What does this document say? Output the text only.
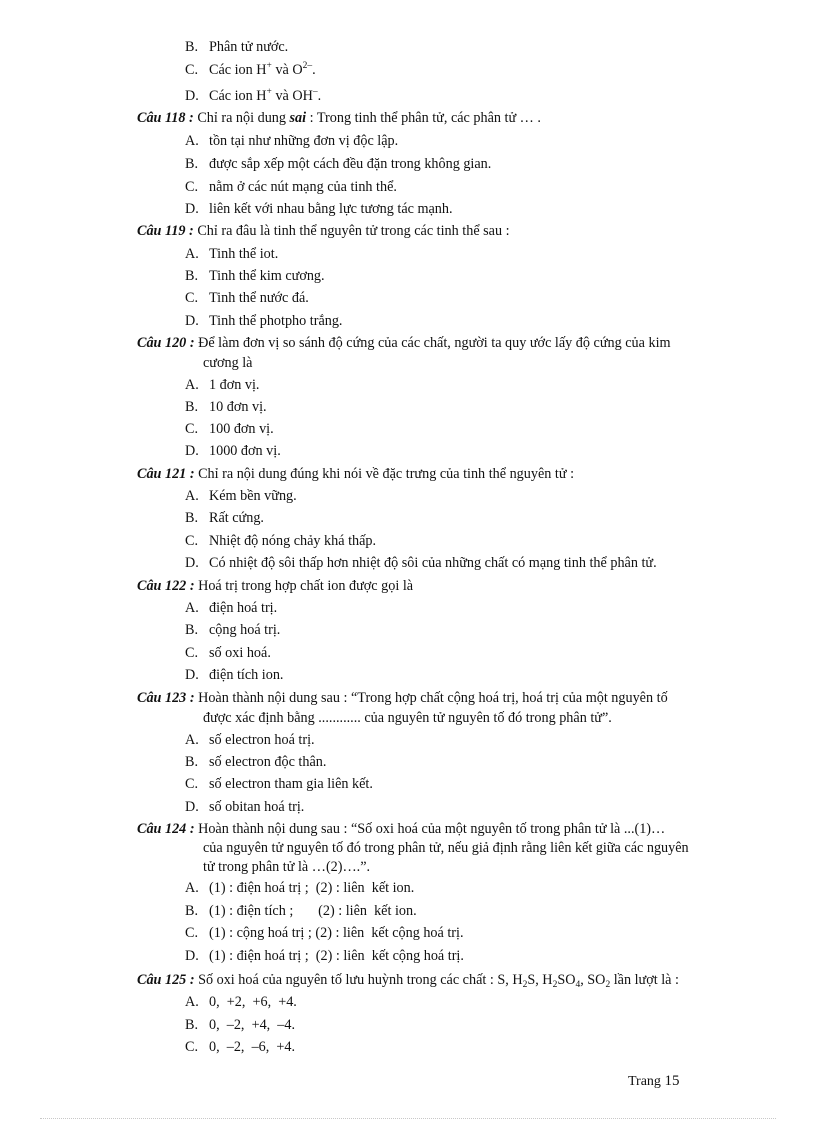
B. Phân tử nước.
C. Các ion H+ và $O^{2-}$.
D. Các ion H+ và OH–.
Câu 118 : Chỉ ra nội dung sai : Trong tinh thể phân tử, các phân tử … .
A. tồn tại như những đơn vị độc lập.
B. được sắp xếp một cách đều đặn trong không gian.
C. nằm ở các nút mạng của tinh thể.
D. liên kết với nhau bằng lực tương tác mạnh.
Câu 119 : Chỉ ra đâu là tinh thể nguyên tử trong các tinh thể sau :
A. Tinh thể iot.
B. Tinh thể kim cương.
C. Tinh thể nước đá.
D. Tinh thể photpho trắng.
Câu 120 : Để làm đơn vị so sánh độ cứng của các chất, người ta quy ước lấy độ cứng của kim
cương là
A. 1 đơn vị.
B. 10 đơn vị.
C. 100 đơn vị.
D. 1000 đơn vị.
Câu 121 : Chỉ ra nội dung đúng khi nói về đặc trưng của tinh thể nguyên tử :
A. Kém bền vững.
B. Rất cứng.
C. Nhiệt độ nóng chảy khá thấp.
D. Có nhiệt độ sôi thấp hơn nhiệt độ sôi của những chất có mạng tinh thể phân tử.
Câu 122 : Hoá trị trong hợp chất ion được gọi là
A. điện hoá trị.
B. cộng hoá trị.
C. số oxi hoá.
D. điện tích ion.
Câu 123 : Hoàn thành nội dung sau : “Trong hợp chất cộng hoá trị, hoá trị của một nguyên tố
được xác định bằng ............ của nguyên tử nguyên tố đó trong phân tử”.
A. số electron hoá trị.
B. số electron độc thân.
C. số electron tham gia liên kết.
D. số obitan hoá trị.
Câu 124 : Hoàn thành nội dung sau : “Số oxi hoá của một nguyên tố trong phân tử là ...(1)…
của nguyên tử nguyên tố đó trong phân tử, nếu giả định rằng liên kết giữa các nguyên
tử trong phân tử là …(2)….”.
A. (1) : điện hoá trị ;  (2) : liên  kết ion.
B. (1) : điện tích ;       (2) : liên  kết ion.
C. (1) : cộng hoá trị ; (2) : liên  kết cộng hoá trị.
D. (1) : điện hoá trị ;  (2) : liên  kết cộng hoá trị.
Câu 125 : Số oxi hoá của nguyên tố lưu huỳnh trong các chất : S, $H_2S$, $H_2SO_4$, $SO_2$ lần lượt là :
A. 0,  +2,  +6,  +4.
B. 0,  –2,  +4,  –4.
C. 0,  –2,  –6,  +4.
Trang 15
